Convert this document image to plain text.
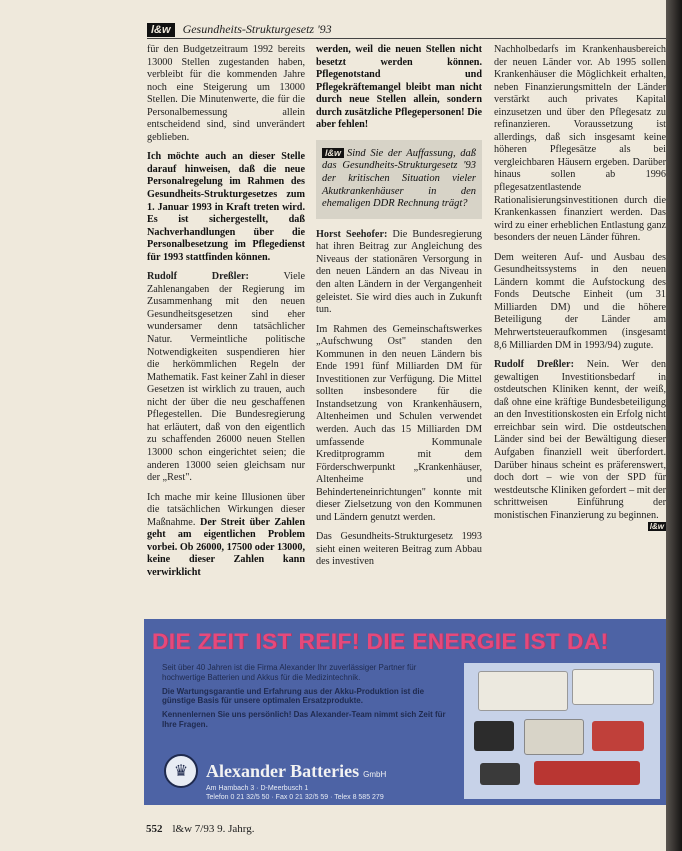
l&w	Gesundheits-Strukturgesetz '93

für den Budgetzeitraum 1992 bereits 13000 Stellen zugestanden haben, verbleibt für die kommenden Jahre noch eine Steigerung um 13000 Stellen. Die Minutenwerte, die für die Personalbemessung allein entscheidend sind, sind unverändert geblieben.

Ich möchte auch an dieser Stelle darauf hinweisen, daß die neue Personalregelung im Rahmen des Gesundheits-Strukturgesetzes zum 1. Januar 1993 in Kraft treten wird. Es ist sichergestellt, daß Nachverhandlungen über die Personalbesetzung im Pflegedienst für 1993 stattfinden können.

Rudolf Dreßler: Viele Zahlenangaben der Regierung im Zusammenhang mit den neuen Gesundheitsgesetzen sind eher wundersamer denn tatsächlicher Natur. Vermeintliche politische Notwendigkeiten suspendieren hier die herkömmlichen Regeln der Mathematik. Fast keiner Zahl in dieser Gesetzen ist wirklich zu trauen, auch nicht der über die neu geschaffenen Pflegestellen. Die Bundesregierung hat erläutert, daß von den eigentlich zu schaffenden 26000 neuen Stellen 13000 schon eingerichtet seien; die anderen 13000 seien gleichsam nur der „Rest".

Ich mache mir keine Illusionen über die tatsächlichen Wirkungen dieser Maßnahme. Der Streit über Zahlen geht am eigentlichen Problem vorbei. Ob 26000, 17500 oder 13000, keine dieser Zahlen kann verwirklicht

werden, weil die neuen Stellen nicht besetzt werden können. Pflegenotstand und Pflegekräftemangel bleibt man nicht durch neue Stellen allein, sondern durch zusätzliche Pflegepersonen! Die aber fehlen!

l&w Sind Sie der Auffassung, daß das Gesundheits-Strukturgesetz '93 der kritischen Situation vieler Akutkrankenhäuser in den ehemaligen DDR Rechnung trägt?

Horst Seehofer: Die Bundesregierung hat ihren Beitrag zur Angleichung des Niveaus der stationären Versorgung in den neuen Ländern an das Niveau in den alten Ländern in der Vergangenheit geleistet. Sie wird dies auch in Zukunft tun.

Im Rahmen des Gemeinschaftswerkes „Aufschwung Ost" standen den Kommunen in den neuen Ländern bis Ende 1991 fünf Milliarden DM für Investitionen zur Verfügung. Die Mittel sollten insbesondere für die Instandsetzung von Krankenhäusern, Altenheimen und Schulen verwendet werden. Auch das 15 Milliarden DM umfassende Kommunale Kreditprogramm mit dem Förderschwerpunkt „Krankenhäuser, Altenheime und Behinderteneinrichtungen" konnte mit dieser Zielsetzung von den Kommunen und Ländern genutzt werden.

Das Gesundheits-Strukturgesetz 1993 sieht einen weiteren Beitrag zum Abbau des investiven

Nachholbedarfs im Krankenhausbereich der neuen Länder vor. Ab 1995 sollen Krankenhäuser die Möglichkeit erhalten, neben Finanzierungsmitteln der Länder verstärkt auch privates Kapital einzusetzen und über den Pflegesatz zu refinanzieren. Voraussetzung ist allerdings, daß sich insgesamt keine höheren Pflegesätze als bei vergleichbaren Häusern ergeben. Darüber hinaus sollen ab 1996 pflegesatzentlastende Rationalisierungsinvestitionen durch die Krankenkassen finanziert werden. Das wird zu einer erheblichen Entlastung ganz besonders der neuen Länder führen.

Dem weiteren Auf- und Ausbau des Gesundheitssystems in den neuen Ländern kommt die Aufstockung des Fonds Deutsche Einheit (um 31 Milliarden DM) und die höhere Beteiligung der Länder am Mehrwertsteueraufkommen (insgesamt 8,6 Milliarden DM in 1993/94) zugute.

Rudolf Dreßler: Nein. Wer den gewaltigen Investitionsbedarf in ostdeutschen Kliniken kennt, der weiß, daß ohne eine kräftige Bundesbeteiligung an den Investitionskosten ein Erfolg nicht erreichbar sein wird. Die ostdeutschen Länder sind bei der Bewältigung dieser Aufgaben finanziell weit überfordert. Darüber hinaus scheint es präferenswert, doch dort – wie von der SPD für westdeutsche Kliniken gefordert – mit der schrittweisen Einführung der monistischen Finanzierung zu beginnen.
l&w

DIE ZEIT IST REIF! DIE ENERGIE IST DA!

Seit über 40 Jahren ist die Firma Alexander Ihr zuverlässiger Partner für hochwertige Batterien und Akkus für die Medizintechnik.

Die Wartungsgarantie und Erfahrung aus der Akku-Produktion ist die günstige Basis für unsere optimalen Ersatzprodukte.

Kennenlernen Sie uns persönlich! Das Alexander-Team nimmt sich Zeit für Ihre Fragen.

♛ Alexander Batteries GmbH
Am Hambach 3 · D-Meerbusch 1
Telefon 0 21 32/5 50 · Fax 0 21 32/5 59 · Telex 8 585 279
552 l&w 7/93 9. Jahrg.
